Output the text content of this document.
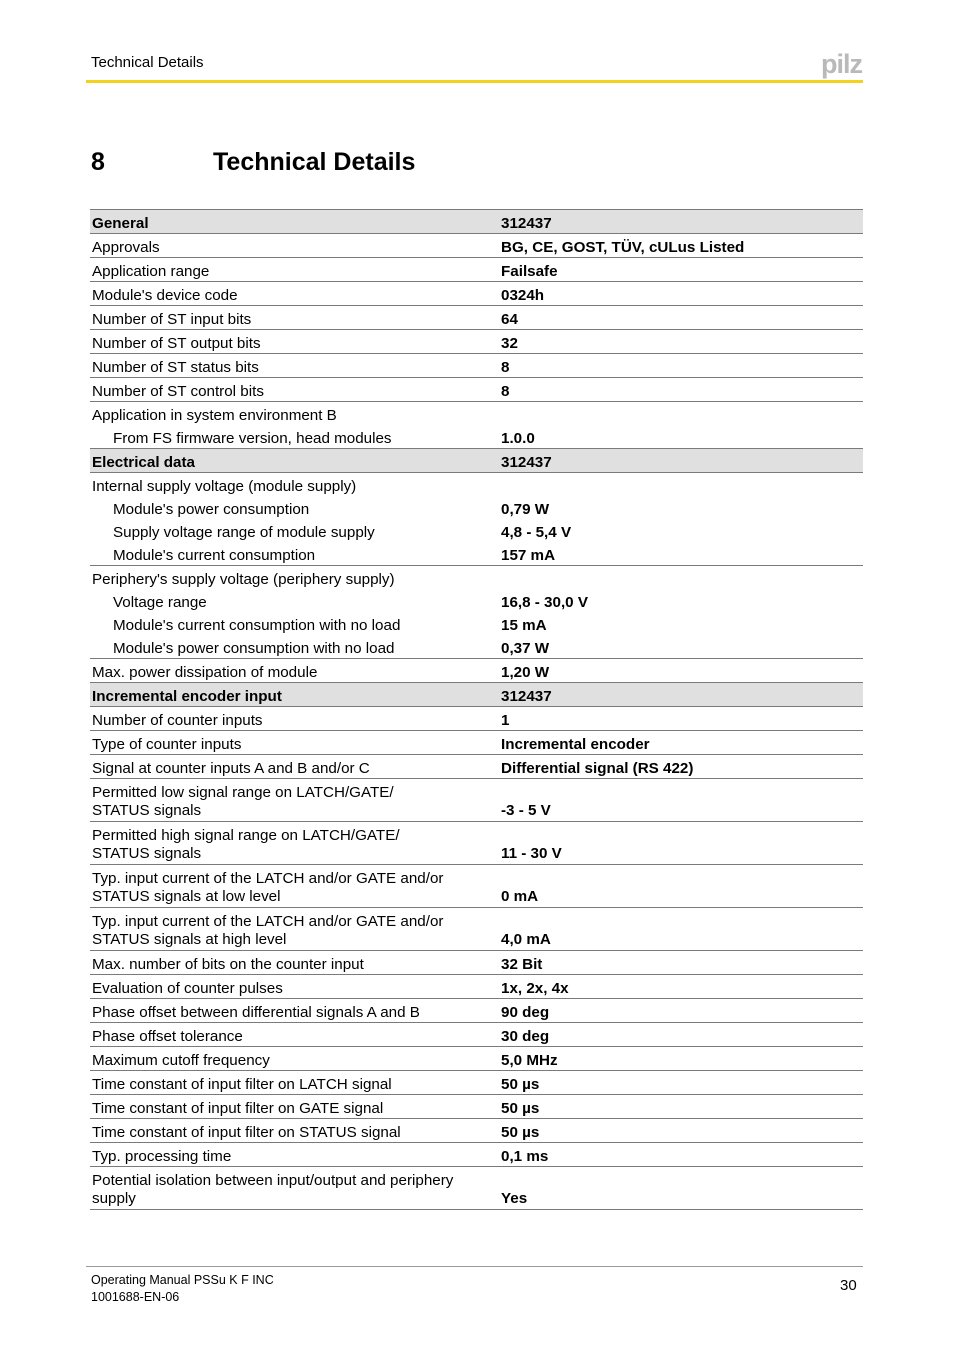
Technical Details	pilz
8	Technical Details
General	312437
Approvals	BG, CE, GOST, TÜV, cULus Listed
Application range	Failsafe
Module's device code	0324h
Number of ST input bits	64
Number of ST output bits	32
Number of ST status bits	8
Number of ST control bits	8
Application in system environment B	
From FS firmware version, head modules	1.0.0
Electrical data	312437
Internal supply voltage (module supply)	
Module's power consumption	0,79 W
Supply voltage range of module supply	4,8 - 5,4 V
Module's current consumption	157 mA
Periphery's supply voltage (periphery supply)	
Voltage range	16,8 - 30,0 V
Module's current consumption with no load	15 mA
Module's power consumption with no load	0,37 W
Max. power dissipation of module	1,20 W
Incremental encoder input	312437
Number of counter inputs	1
Type of counter inputs	Incremental encoder
Signal at counter inputs A and B and/or C	Differential signal (RS 422)
Permitted low signal range on LATCH/GATE/
STATUS signals	-3 - 5 V
Permitted high signal range on LATCH/GATE/
STATUS signals	11 - 30 V
Typ. input current of the LATCH and/or GATE and/or
STATUS signals at low level	0 mA
Typ. input current of the LATCH and/or GATE and/or
STATUS signals at high level	4,0 mA
Max. number of bits on the counter input	32 Bit
Evaluation of counter pulses	1x, 2x, 4x
Phase offset between differential signals A and B	90 deg
Phase offset tolerance	30 deg
Maximum cutoff frequency	5,0 MHz
Time constant of input filter on LATCH signal	50 µs
Time constant of input filter on GATE signal	50 µs
Time constant of input filter on STATUS signal	50 µs
Typ. processing time	0,1 ms
Potential isolation between input/output and periphery
supply	Yes
Operating Manual PSSu K F INC
1001688-EN-06
30
